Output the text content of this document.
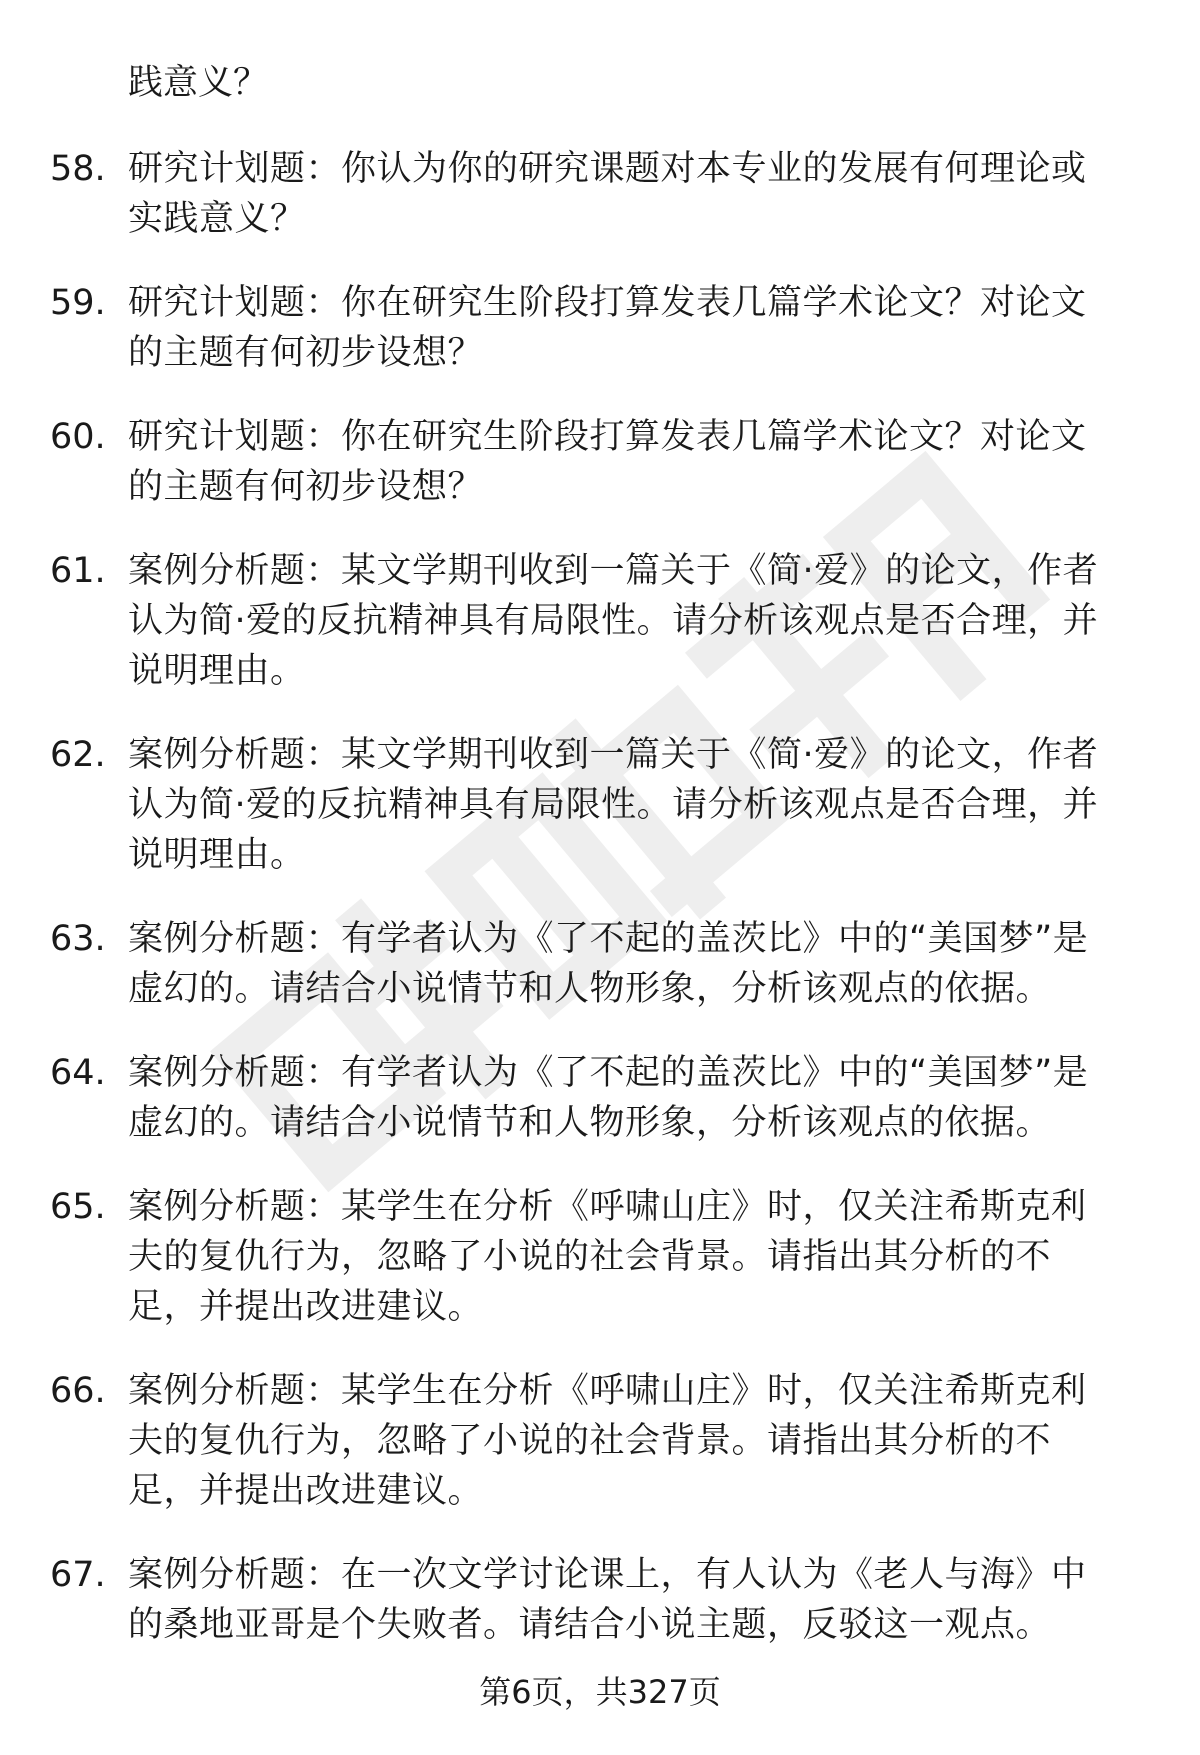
践意义？
58. 研究计划题：你认为你的研究课题对本专业的发展有何理论或实践意义？
59. 研究计划题：你在研究生阶段打算发表几篇学术论文？对论文的主题有何初步设想？
60. 研究计划题：你在研究生阶段打算发表几篇学术论文？对论文的主题有何初步设想？
61. 案例分析题：某文学期刊收到一篇关于《简·爱》的论文，作者认为简·爱的反抗精神具有局限性。请分析该观点是否合理，并说明理由。
62. 案例分析题：某文学期刊收到一篇关于《简·爱》的论文，作者认为简·爱的反抗精神具有局限性。请分析该观点是否合理，并说明理由。
63. 案例分析题：有学者认为《了不起的盖茨比》中的“美国梦”是虚幻的。请结合小说情节和人物形象，分析该观点的依据。
64. 案例分析题：有学者认为《了不起的盖茨比》中的“美国梦”是虚幻的。请结合小说情节和人物形象，分析该观点的依据。
65. 案例分析题：某学生在分析《呼啸山庄》时，仅关注希斯克利夫的复仇行为，忽略了小说的社会背景。请指出其分析的不足，并提出改进建议。
66. 案例分析题：某学生在分析《呼啸山庄》时，仅关注希斯克利夫的复仇行为，忽略了小说的社会背景。请指出其分析的不足，并提出改进建议。
67. 案例分析题：在一次文学讨论课上，有人认为《老人与海》中的桑地亚哥是个失败者。请结合小说主题，反驳这一观点。
第6页，共327页
